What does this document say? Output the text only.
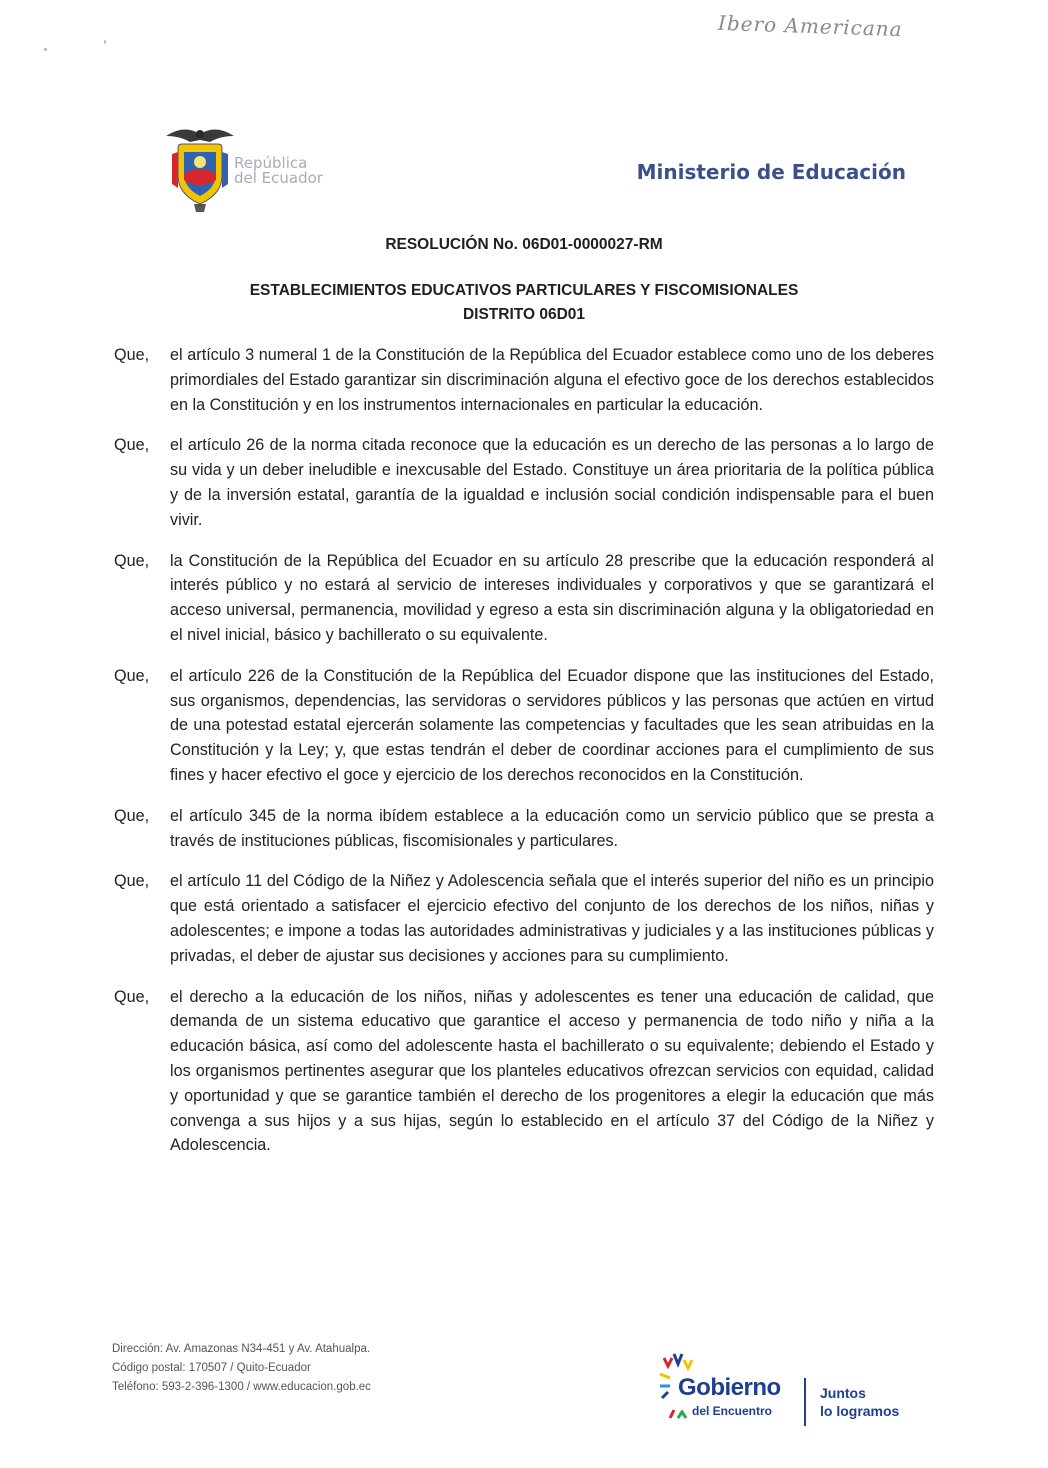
Ibero Americana
República
del Ecuador	Ministerio de Educación
RESOLUCIÓN No. 06D01-0000027-RM
ESTABLECIMIENTOS EDUCATIVOS PARTICULARES Y FISCOMISIONALES
DISTRITO 06D01
Que,	el artículo 3 numeral 1 de la Constitución de la República del Ecuador establece como uno de los deberes primordiales del Estado garantizar sin discriminación alguna el efectivo goce de los derechos establecidos en la Constitución y en los instrumentos internacionales en particular la educación.
Que,	el artículo 26 de la norma citada reconoce que la educación es un derecho de las personas a lo largo de su vida y un deber ineludible e inexcusable del Estado. Constituye un área prioritaria de la política pública y de la inversión estatal, garantía de la igualdad e inclusión social condición indispensable para el buen vivir.
Que,	la Constitución de la República del Ecuador en su artículo 28 prescribe que la educación responderá al interés público y no estará al servicio de intereses individuales y corporativos y que se garantizará el acceso universal, permanencia, movilidad y egreso a esta sin discriminación alguna y la obligatoriedad en el nivel inicial, básico y bachillerato o su equivalente.
Que,	el artículo 226 de la Constitución de la República del Ecuador dispone que las instituciones del Estado, sus organismos, dependencias, las servidoras o servidores públicos y las personas que actúen en virtud de una potestad estatal ejercerán solamente las competencias y facultades que les sean atribuidas en la Constitución y la Ley; y, que estas tendrán el deber de coordinar acciones para el cumplimiento de sus fines y hacer efectivo el goce y ejercicio de los derechos reconocidos en la Constitución.
Que,	el artículo 345 de la norma ibídem establece a la educación como un servicio público que se presta a través de instituciones públicas, fiscomisionales y particulares.
Que,	el artículo 11 del Código de la Niñez y Adolescencia señala que el interés superior del niño es un principio que está orientado a satisfacer el ejercicio efectivo del conjunto de los derechos de los niños, niñas y adolescentes; e impone a todas las autoridades administrativas y judiciales y a las instituciones públicas y privadas, el deber de ajustar sus decisiones y acciones para su cumplimiento.
Que,	el derecho a la educación de los niños, niñas y adolescentes es tener una educación de calidad, que demanda de un sistema educativo que garantice el acceso y permanencia de todo niño y niña a la educación básica, así como del adolescente hasta el bachillerato o su equivalente; debiendo el Estado y los organismos pertinentes asegurar que los planteles educativos ofrezcan servicios con equidad, calidad y oportunidad y que se garantice también el derecho de los progenitores a elegir la educación que más convenga a sus hijos y a sus hijas, según lo establecido en el artículo 37 del Código de la Niñez y Adolescencia.
Dirección: Av. Amazonas N34-451 y Av. Atahualpa.
Código postal: 170507 / Quito-Ecuador
Teléfono: 593-2-396-1300 / www.educacion.gob.ec	Gobierno
del Encuentro
Juntos
lo logramos
